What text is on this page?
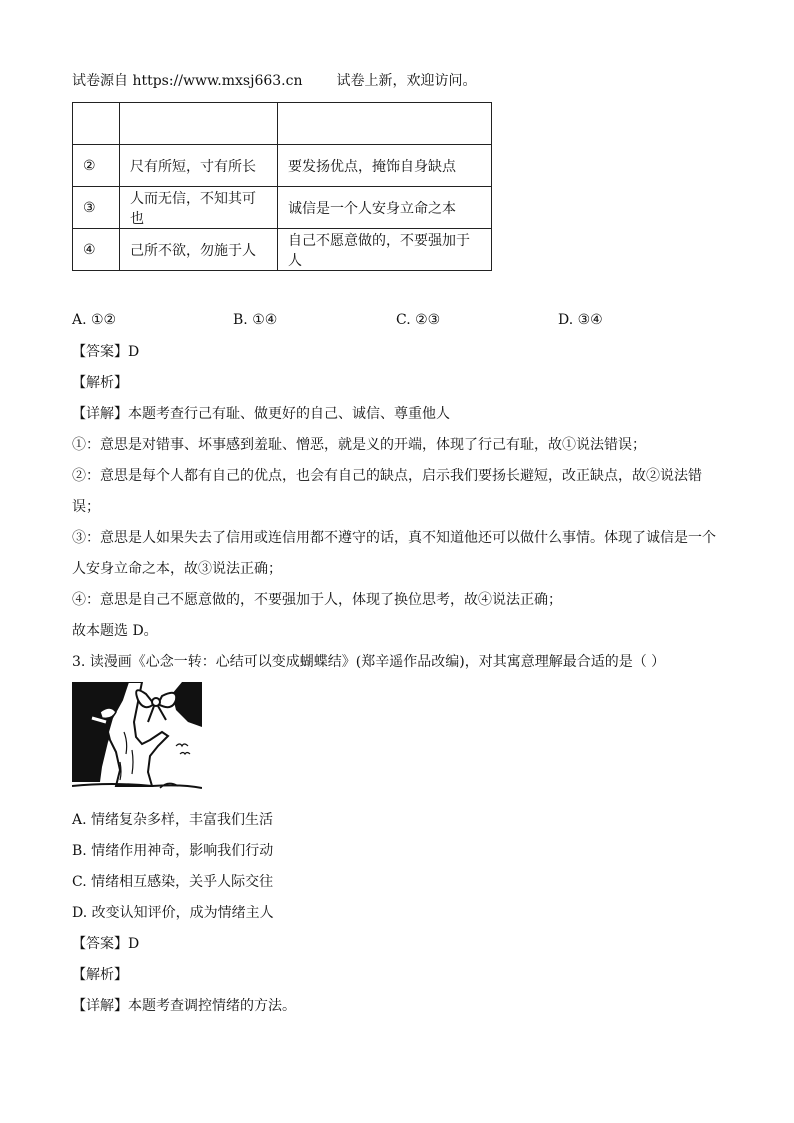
试卷源自 https://www.mxsj663.cn 试卷上新，欢迎访问。

②	尺有所短，寸有所长	要发扬优点，掩饰自身缺点
③	人而无信，不知其可也	诚信是一个人安身立命之本
④	己所不欲，勿施于人	自己不愿意做的，不要强加于人
A. ①②	B. ①④	C. ②③	D. ③④
【答案】D
【解析】
【详解】本题考查行己有耻、做更好的自己、诚信、尊重他人
①：意思是对错事、坏事感到羞耻、憎恶，就是义的开端，体现了行己有耻，故①说法错误；
②：意思是每个人都有自己的优点，也会有自己的缺点，启示我们要扬长避短，改正缺点，故②说法错
误；
③：意思是人如果失去了信用或连信用都不遵守的话，真不知道他还可以做什么事情。体现了诚信是一个
人安身立命之本，故③说法正确；
④：意思是自己不愿意做的，不要强加于人，体现了换位思考，故④说法正确；
故本题选 D。
3. 读漫画《心念一转：心结可以变成蝴蝶结》(郑辛遥作品改编)，对其寓意理解最合适的是（ ）
A. 情绪复杂多样，丰富我们生活
B. 情绪作用神奇，影响我们行动
C. 情绪相互感染，关乎人际交往
D. 改变认知评价，成为情绪主人
【答案】D
【解析】
【详解】本题考查调控情绪的方法。
